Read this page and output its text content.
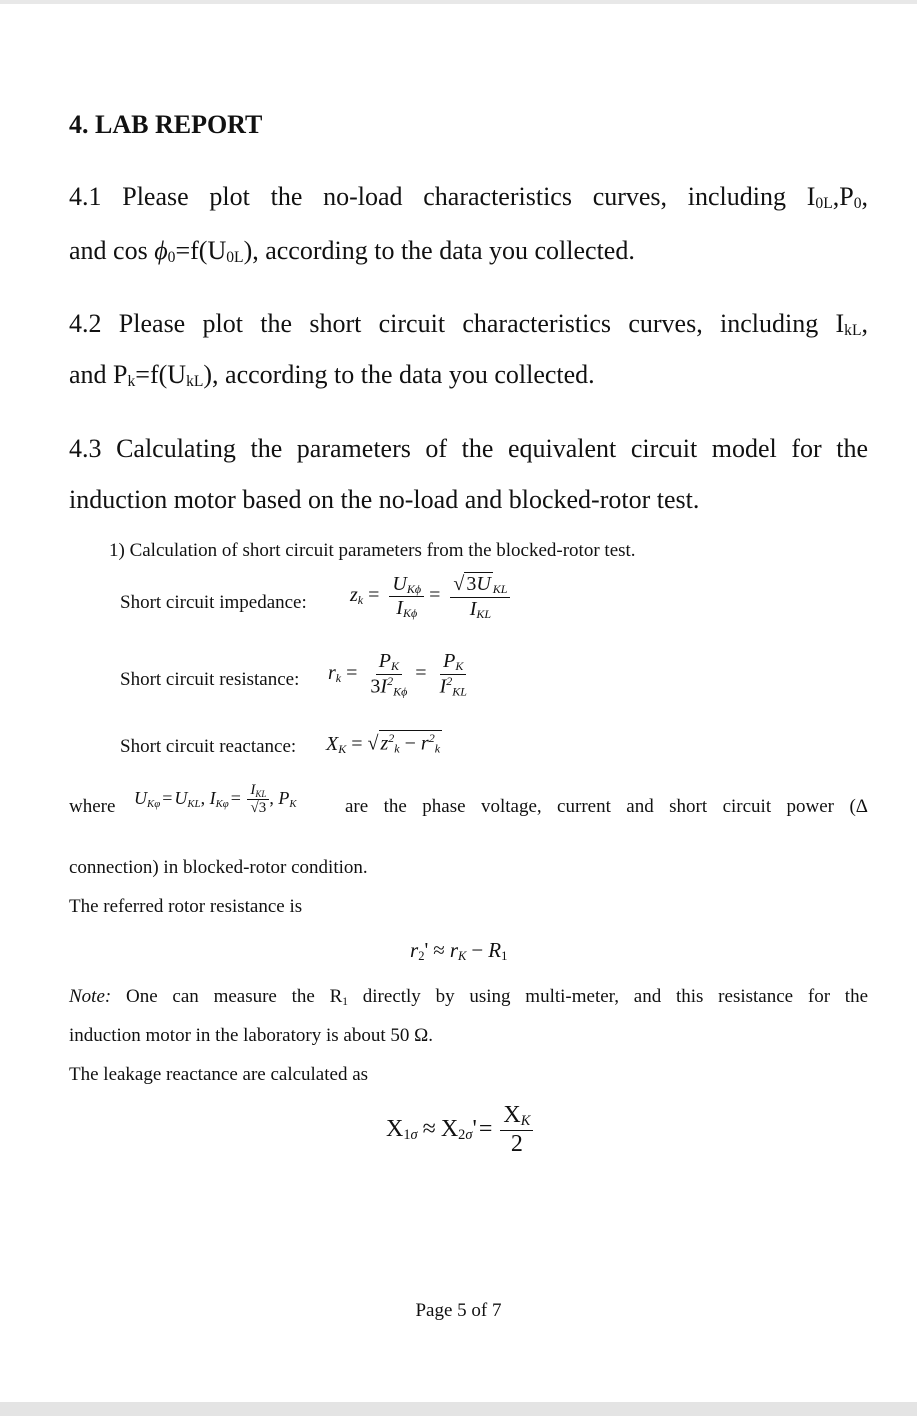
4. LAB REPORT
4.1 Please plot the no-load characteristics curves, including $I_{0L},P_0$,
and $\cos \phi_0=f(U_{0L})$, according to the data you collected.
4.2 Please plot the short circuit characteristics curves, including $I_{kL}$,
and $P_k=f(U_{kL})$, according to the data you collected.
4.3 Calculating the parameters of the equivalent circuit model for the
induction motor based on the no-load and blocked-rotor test.
1) Calculation of short circuit parameters from the blocked-rotor test.
Short circuit impedance: $z_k = \frac{U_{K\phi}}{I_{K\phi}} = \frac{√ 3U _{KL}}{I_{KL}}$
Short circuit resistance: $r_k = \frac{P_K}{3I^2_{K\phi}} = \frac{P_K}{I^2_{KL}}$
Short circuit reactance: $X_K$ = √ $z^2_k - r^2_k$
where $U_{K\varphi} = U_{KL}$, $I_{K\varphi} = \frac{I_{KL}}{√3}$ , $P_K$	are the phase voltage, current and short circuit power (Δ
connection) in blocked-rotor condition.
The referred rotor resistance is
$r_2' \approx r_K - R_1$
Note: One can measure the $R_1$ directly by using multi-meter, and this resistance for the
induction motor in the laboratory is about 50 Ω.
The leakage reactance are calculated as
$X_{1\sigma} \approx X_{2\sigma}'= \frac{X_K}{2}$
Page 5 of 7
